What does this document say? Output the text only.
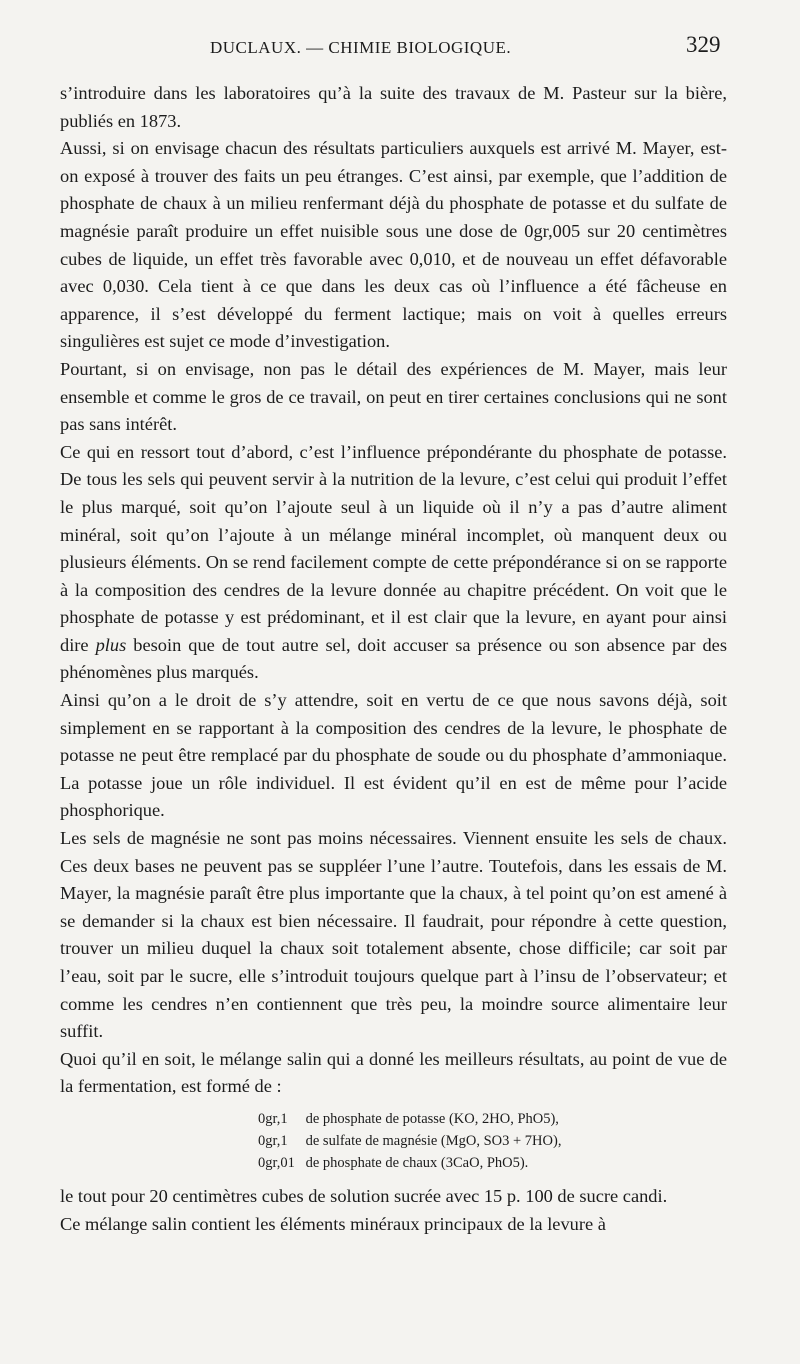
DUCLAUX. — CHIMIE BIOLOGIQUE.	329

s’introduire dans les laboratoires qu’à la suite des travaux de M. Pasteur sur la bière, publiés en 1873.

Aussi, si on envisage chacun des résultats particuliers auxquels est arrivé M. Mayer, est-on exposé à trouver des faits un peu étranges. C’est ainsi, par exemple, que l’addition de phosphate de chaux à un milieu renfermant déjà du phosphate de potasse et du sulfate de magnésie paraît produire un effet nuisible sous une dose de 0gr,005 sur 20 centimètres cubes de liquide, un effet très favorable avec 0,010, et de nouveau un effet défavorable avec 0,030. Cela tient à ce que dans les deux cas où l’influence a été fâcheuse en apparence, il s’est développé du ferment lactique; mais on voit à quelles erreurs singulières est sujet ce mode d’investigation.

Pourtant, si on envisage, non pas le détail des expériences de M. Mayer, mais leur ensemble et comme le gros de ce travail, on peut en tirer certaines conclusions qui ne sont pas sans intérêt.

Ce qui en ressort tout d’abord, c’est l’influence prépondérante du phosphate de potasse. De tous les sels qui peuvent servir à la nutrition de la levure, c’est celui qui produit l’effet le plus marqué, soit qu’on l’ajoute seul à un liquide où il n’y a pas d’autre aliment minéral, soit qu’on l’ajoute à un mélange minéral incomplet, où manquent deux ou plusieurs éléments. On se rend facilement compte de cette prépondérance si on se rapporte à la composition des cendres de la levure donnée au chapitre précédent. On voit que le phosphate de potasse y est prédominant, et il est clair que la levure, en ayant pour ainsi dire plus besoin que de tout autre sel, doit accuser sa présence ou son absence par des phénomènes plus marqués.

Ainsi qu’on a le droit de s’y attendre, soit en vertu de ce que nous savons déjà, soit simplement en se rapportant à la composition des cendres de la levure, le phosphate de potasse ne peut être remplacé par du phosphate de soude ou du phosphate d’ammoniaque. La potasse joue un rôle individuel. Il est évident qu’il en est de même pour l’acide phosphorique.

Les sels de magnésie ne sont pas moins nécessaires. Viennent ensuite les sels de chaux. Ces deux bases ne peuvent pas se suppléer l’une l’autre. Toutefois, dans les essais de M. Mayer, la magnésie paraît être plus importante que la chaux, à tel point qu’on est amené à se demander si la chaux est bien nécessaire. Il faudrait, pour répondre à cette question, trouver un milieu duquel la chaux soit totalement absente, chose difficile; car soit par l’eau, soit par le sucre, elle s’introduit toujours quelque part à l’insu de l’observateur; et comme les cendres n’en contiennent que très peu, la moindre source alimentaire leur suffit.

Quoi qu’il en soit, le mélange salin qui a donné les meilleurs résultats, au point de vue de la fermentation, est formé de :

0gr,1 de phosphate de potasse (KO, 2HO, PhO5),
0gr,1 de sulfate de magnésie (MgO, SO3 + 7HO),
0gr,01 de phosphate de chaux (3CaO, PhO5).

le tout pour 20 centimètres cubes de solution sucrée avec 15 p. 100 de sucre candi.

Ce mélange salin contient les éléments minéraux principaux de la levure à
